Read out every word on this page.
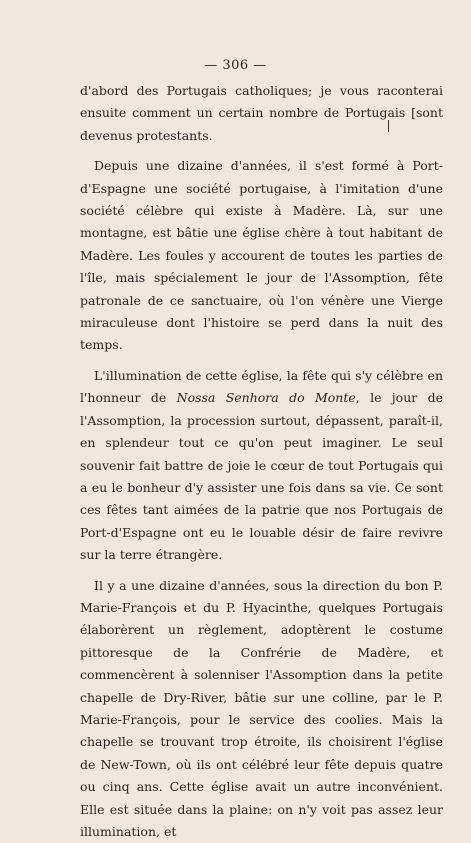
— 306 —

d'abord des Portugais catholiques; je vous raconterai ensuite comment un certain nombre de Portugais [sont devenus protestants.

Depuis une dizaine d'années, il s'est formé à Port-d'Espagne une société portugaise, à l'imitation d'une société célèbre qui existe à Madère. Là, sur une montagne, est bâtie une église chère à tout habitant de Madère. Les foules y accourent de toutes les parties de l'île, mais spécialement le jour de l'Assomption, fête patronale de ce sanctuaire, où l'on vénère une Vierge miraculeuse dont l'histoire se perd dans la nuit des temps.

L'illumination de cette église, la fête qui s'y célèbre en l'honneur de Nossa Senhora do Monte, le jour de l'Assomption, la procession surtout, dépassent, paraît-il, en splendeur tout ce qu'on peut imaginer. Le seul souvenir fait battre de joie le cœur de tout Portugais qui a eu le bonheur d'y assister une fois dans sa vie. Ce sont ces fêtes tant aimées de la patrie que nos Portugais de Port-d'Espagne ont eu le louable désir de faire revivre sur la terre étrangère.

Il y a une dizaine d'années, sous la direction du bon P. Marie-François et du P. Hyacinthe, quelques Portugais élaborèrent un règlement, adoptèrent le costume pittoresque de la Confrérie de Madère, et commencèrent à solenniser l'Assomption dans la petite chapelle de Dry-River, bâtie sur une colline, par le P. Marie-François, pour le service des coolies. Mais la chapelle se trouvant trop étroite, ils choisirent l'église de New-Town, où ils ont célébré leur fête depuis quatre ou cinq ans. Cette église avait un autre inconvénient. Elle est située dans la plaine: on n'y voit pas assez leur illumination, et
